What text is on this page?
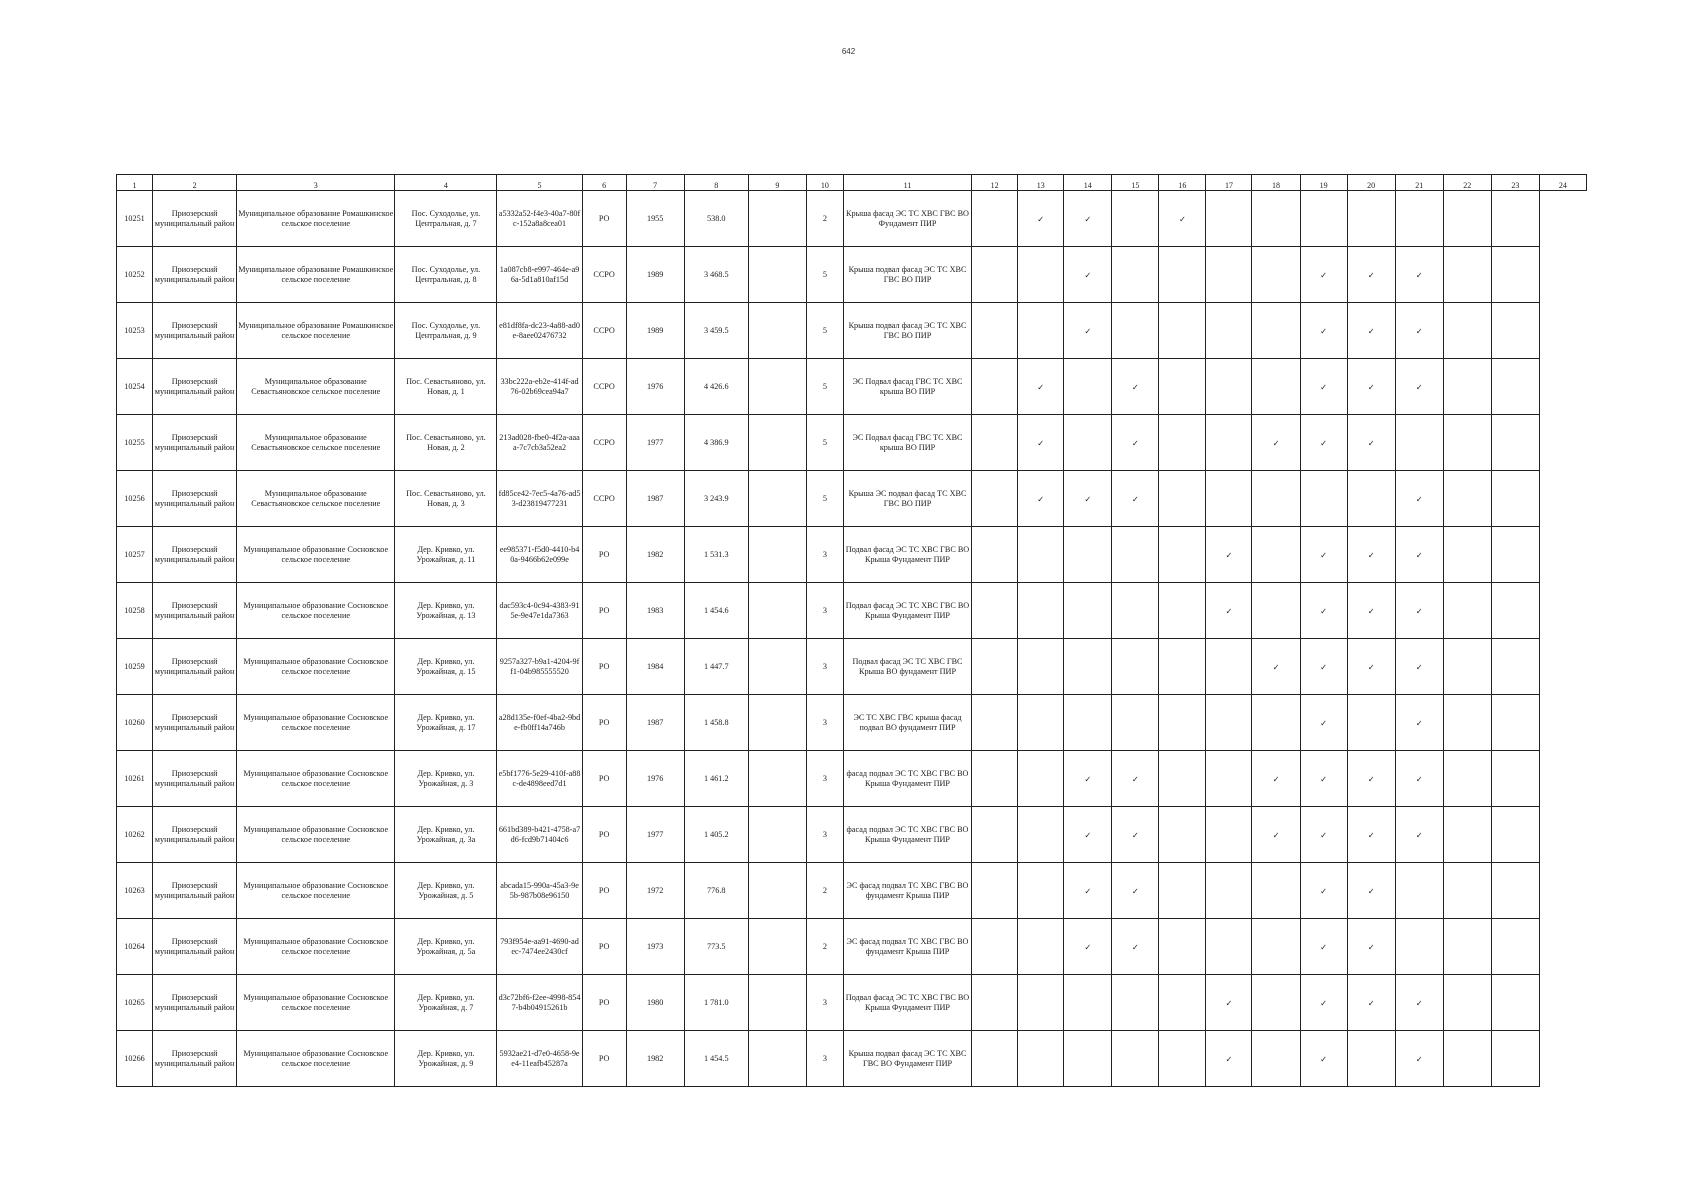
642
1	2	3	4	5	6	7	8	9	10	11	12	13	14	15	16	17	18	19	20	21	22	23	24
10251	Приозерский муниципальный район	Муниципальное образование Ромашкинское сельское поселение	Пос. Суходолье, ул. Центральная, д. 7	a5332a52-f4e3-40a7-80fc-152a8a8cea01	РО	1955	538.0		2	Крыша фасад ЭС ТС ХВС ГВС ВО Фундамент ПИР		✓	✓		✓								
10252	Приозерский муниципальный район	Муниципальное образование Ромашкинское сельское поселение	Пос. Суходолье, ул. Центральная, д. 8	1a087cb8-e997-464e-a96a-5d1a810af15d	ССРО	1989	3 468.5		5	Крыша подвал фасад ЭС ТС ХВС ГВС ВО ПИР			✓					✓	✓	✓			
10253	Приозерский муниципальный район	Муниципальное образование Ромашкинское сельское поселение	Пос. Суходолье, ул. Центральная, д. 9	e81df8fa-dc23-4a88-ad0e-8aee02476732	ССРО	1989	3 459.5		5	Крыша подвал фасад ЭС ТС ХВС ГВС ВО ПИР			✓					✓	✓	✓			
10254	Приозерский муниципальный район	Муниципальное образование Севастьяновское сельское поселение	Пос. Севастьяново, ул. Новая, д. 1	33bc222a-eb2e-414f-ad76-02b69cea94a7	ССРО	1976	4 426.6		5	ЭС Подвал фасад ГВС ТС ХВС крыша ВО ПИР		✓		✓				✓	✓	✓			
10255	Приозерский муниципальный район	Муниципальное образование Севастьяновское сельское поселение	Пос. Севастьяново, ул. Новая, д. 2	213ad028-fbe0-4f2a-aaaa-7c7cb3a52ea2	ССРО	1977	4 386.9		5	ЭС Подвал фасад ГВС ТС ХВС крыша ВО ПИР		✓		✓			✓	✓	✓				
10256	Приозерский муниципальный район	Муниципальное образование Севастьяновское сельское поселение	Пос. Севастьяново, ул. Новая, д. 3	fd85ce42-7ec5-4a76-ad53-d23819477231	ССРО	1987	3 243.9		5	Крыша ЭС подвал фасад ТС ХВС ГВС ВО ПИР		✓	✓	✓						✓			
10257	Приозерский муниципальный район	Муниципальное образование Сосновское сельское поселение	Дер. Кривко, ул. Урожайная, д. 11	ee985371-f5d0-4410-b40a-9466b62e099e	РО	1982	1 531.3		3	Подвал фасад ЭС ТС ХВС ГВС ВО Крыша Фундамент ПИР						✓		✓	✓	✓			
10258	Приозерский муниципальный район	Муниципальное образование Сосновское сельское поселение	Дер. Кривко, ул. Урожайная, д. 13	dac593c4-0c94-4383-915e-9e47e1da7363	РО	1983	1 454.6		3	Подвал фасад ЭС ТС ХВС ГВС ВО Крыша Фундамент ПИР						✓		✓	✓	✓			
10259	Приозерский муниципальный район	Муниципальное образование Сосновское сельское поселение	Дер. Кривко, ул. Урожайная, д. 15	9257a327-b9a1-4204-9ff1-04b985555520	РО	1984	1 447.7		3	Подвал фасад ЭС ТС ХВС ГВС Крыша ВО фундамент ПИР							✓	✓	✓	✓			
10260	Приозерский муниципальный район	Муниципальное образование Сосновское сельское поселение	Дер. Кривко, ул. Урожайная, д. 17	a28d135e-f0ef-4ba2-9bde-fb0ff14a746b	РО	1987	1 458.8		3	ЭС ТС ХВС ГВС крыша фасад подвал ВО фундамент ПИР								✓		✓			
10261	Приозерский муниципальный район	Муниципальное образование Сосновское сельское поселение	Дер. Кривко, ул. Урожайная, д. 3	e5bf1776-5e29-410f-a88c-de4898eed7d1	РО	1976	1 461.2		3	фасад подвал ЭС ТС ХВС ГВС ВО Крыша Фундамент ПИР			✓	✓			✓	✓	✓	✓			
10262	Приозерский муниципальный район	Муниципальное образование Сосновское сельское поселение	Дер. Кривко, ул. Урожайная, д. 3а	661bd389-b421-4758-a7d6-fcd9b71404c6	РО	1977	1 405.2		3	фасад подвал ЭС ТС ХВС ГВС ВО Крыша Фундамент ПИР			✓	✓			✓	✓	✓	✓			
10263	Приозерский муниципальный район	Муниципальное образование Сосновское сельское поселение	Дер. Кривко, ул. Урожайная, д. 5	abcada15-990a-45a3-9e5b-987b08e96150	РО	1972	776.8		2	ЭС фасад подвал ТС ХВС ГВС ВО фундамент Крыша ПИР			✓	✓				✓	✓				
10264	Приозерский муниципальный район	Муниципальное образование Сосновское сельское поселение	Дер. Кривко, ул. Урожайная, д. 5а	793f954e-aa91-4690-adec-7474ee2430cf	РО	1973	773.5		2	ЭС фасад подвал ТС ХВС ГВС ВО фундамент Крыша ПИР			✓	✓				✓	✓				
10265	Приозерский муниципальный район	Муниципальное образование Сосновское сельское поселение	Дер. Кривко, ул. Урожайная, д. 7	d3c72bf6-f2ee-4998-8547-b4b04915261b	РО	1980	1 781.0		3	Подвал фасад ЭС ТС ХВС ГВС ВО Крыша Фундамент ПИР						✓		✓	✓	✓			
10266	Приозерский муниципальный район	Муниципальное образование Сосновское сельское поселение	Дер. Кривко, ул. Урожайная, д. 9	5932ae21-d7e0-4658-9ee4-11eafb45287a	РО	1982	1 454.5		3	Крыша подвал фасад ЭС ТС ХВС ГВС ВО Фундамент ПИР						✓		✓		✓			
